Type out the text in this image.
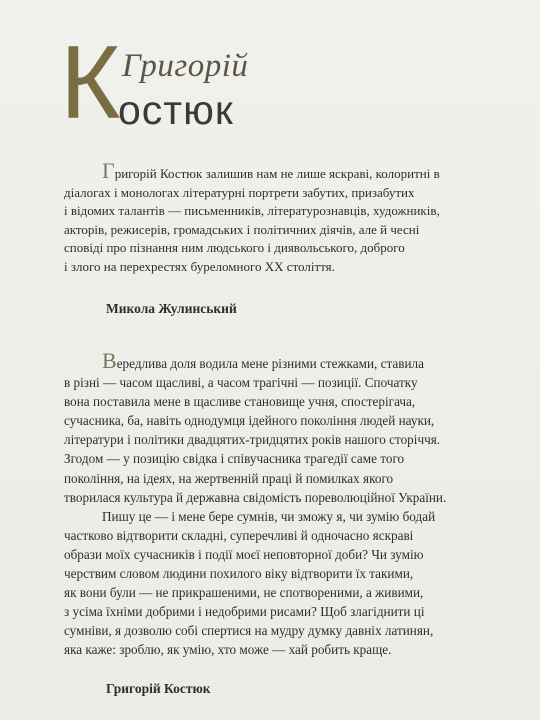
К Григорій
остюк
Григорій Костюк залишив нам не лише яскраві, колоритні в
діалогах і монологах літературні портрети забутих, призабутих
і відомих талантів — письменників, літературознавців, художників,
акторів, режисерів, громадських і політичних діячів, але й чесні
сповіді про пізнання ним людського і диявольського, доброго
і злого на перехрестях буреломного XX століття.
Микола Жулинський
Вередлива доля водила мене різними стежками, ставила
в різні — часом щасливі, а часом трагічні — позиції. Спочатку
вона поставила мене в щасливе становище учня, спостерігача,
сучасника, ба, навіть однодумця ідейного покоління людей науки,
літератури і політики двадцятих-тридцятих років нашого сторіччя.
Згодом — у позицію свідка і співучасника трагедії саме того
покоління, на ідеях, на жертвенній праці й помилках якого
творилася культура й державна свідомість пореволюційної України.
Пишу це — і мене бере сумнів, чи зможу я, чи зумію бодай
частково відтворити складні, суперечливі й одночасно яскраві
образи моїх сучасників і події моєї неповторної доби? Чи зумію
черствим словом людини похилого віку відтворити їх такими,
як вони були — не прикрашеними, не спотвореними, а живими,
з усіма їхніми добрими і недобрими рисами? Щоб злагіднити ці
сумніви, я дозволю собі спертися на мудру думку давніх латинян,
яка каже: зроблю, як умію, хто може — хай робить краще.
Григорій Костюк
